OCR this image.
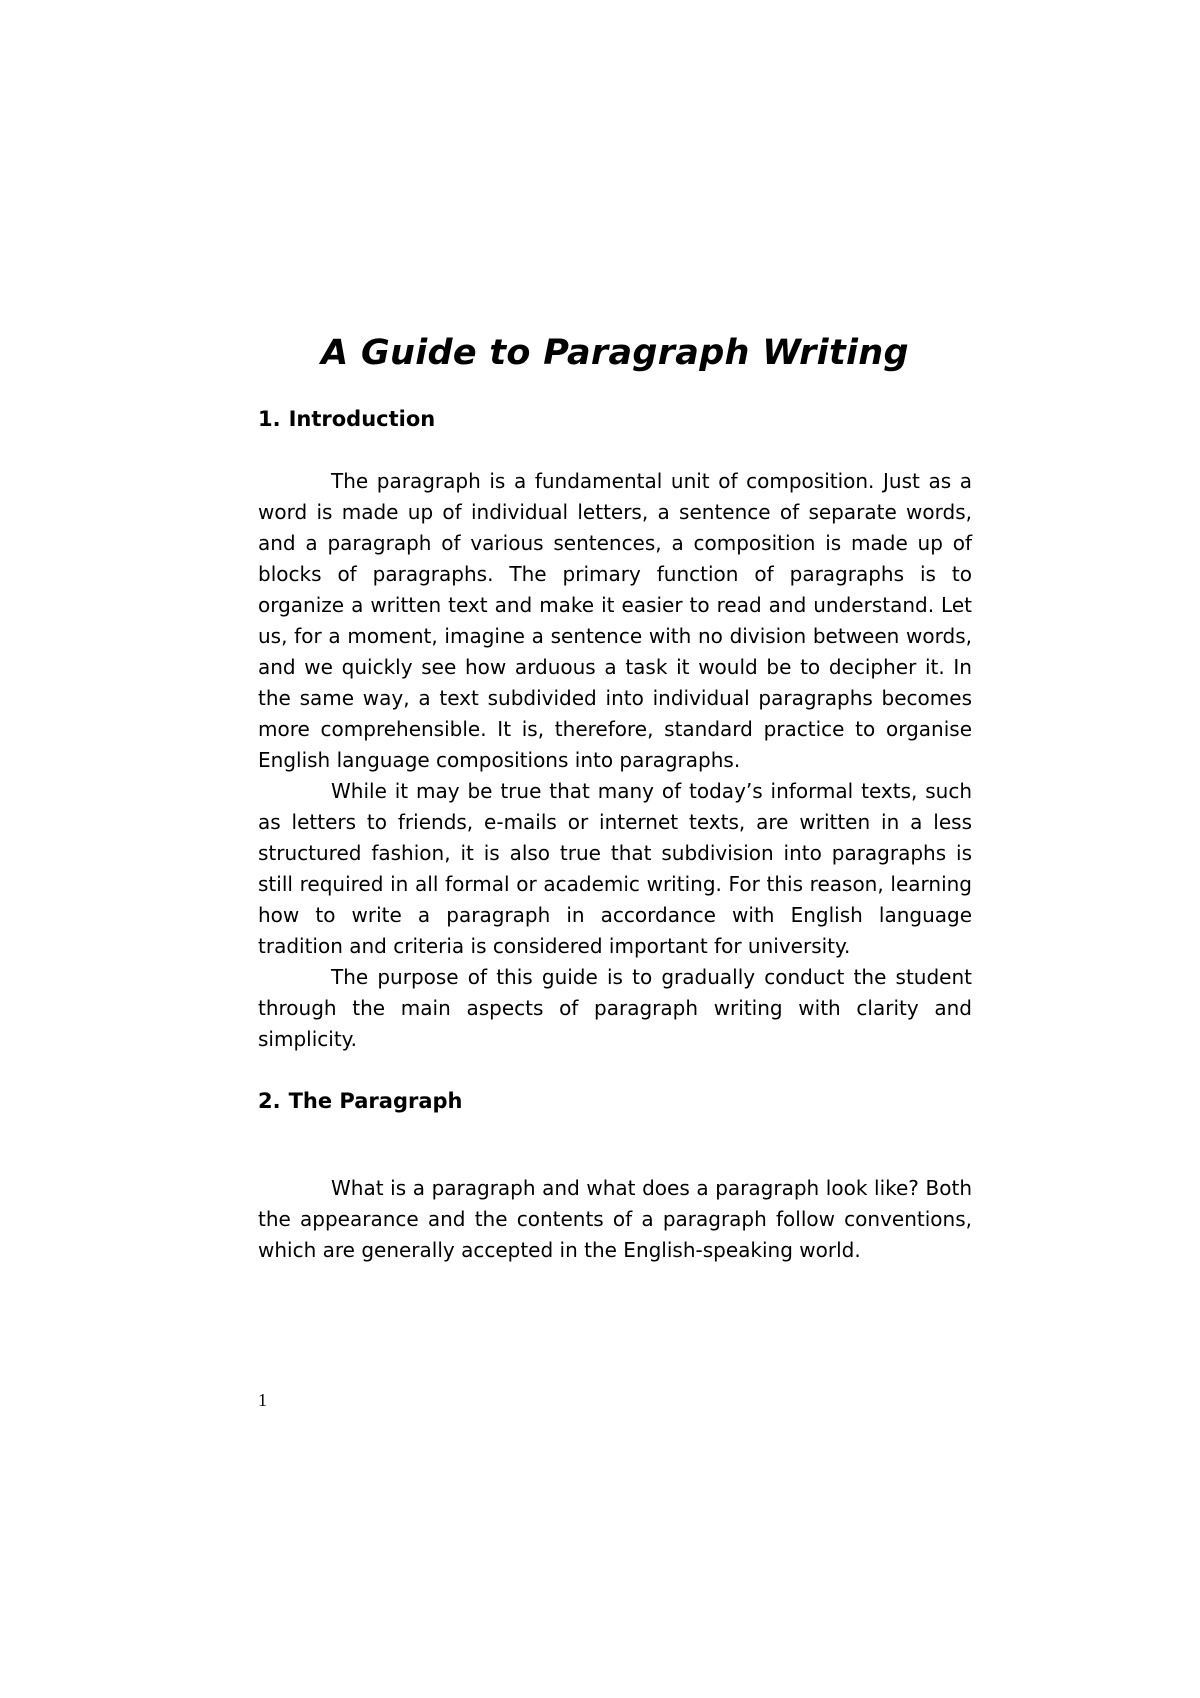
A Guide to Paragraph Writing
1. Introduction

The paragraph is a fundamental unit of composition. Just as a word is made up of individual letters, a sentence of separate words, and a paragraph of various sentences, a composition is made up of blocks of paragraphs. The primary function of paragraphs is to organize a written text and make it easier to read and understand. Let us, for a moment, imagine a sentence with no division between words, and we quickly see how arduous a task it would be to decipher it. In the same way, a text subdivided into individual paragraphs becomes more comprehensible. It is, therefore, standard practice to organise English language compositions into paragraphs.

While it may be true that many of today’s informal texts, such as letters to friends, e-mails or internet texts, are written in a less structured fashion, it is also true that subdivision into paragraphs is still required in all formal or academic writing. For this reason, learning how to write a paragraph in accordance with English language tradition and criteria is considered important for university.

The purpose of this guide is to gradually conduct the student through the main aspects of paragraph writing with clarity and simplicity.

2. The Paragraph

What is a paragraph and what does a paragraph look like? Both the appearance and the contents of a paragraph follow conventions, which are generally accepted in the English-speaking world.

1
